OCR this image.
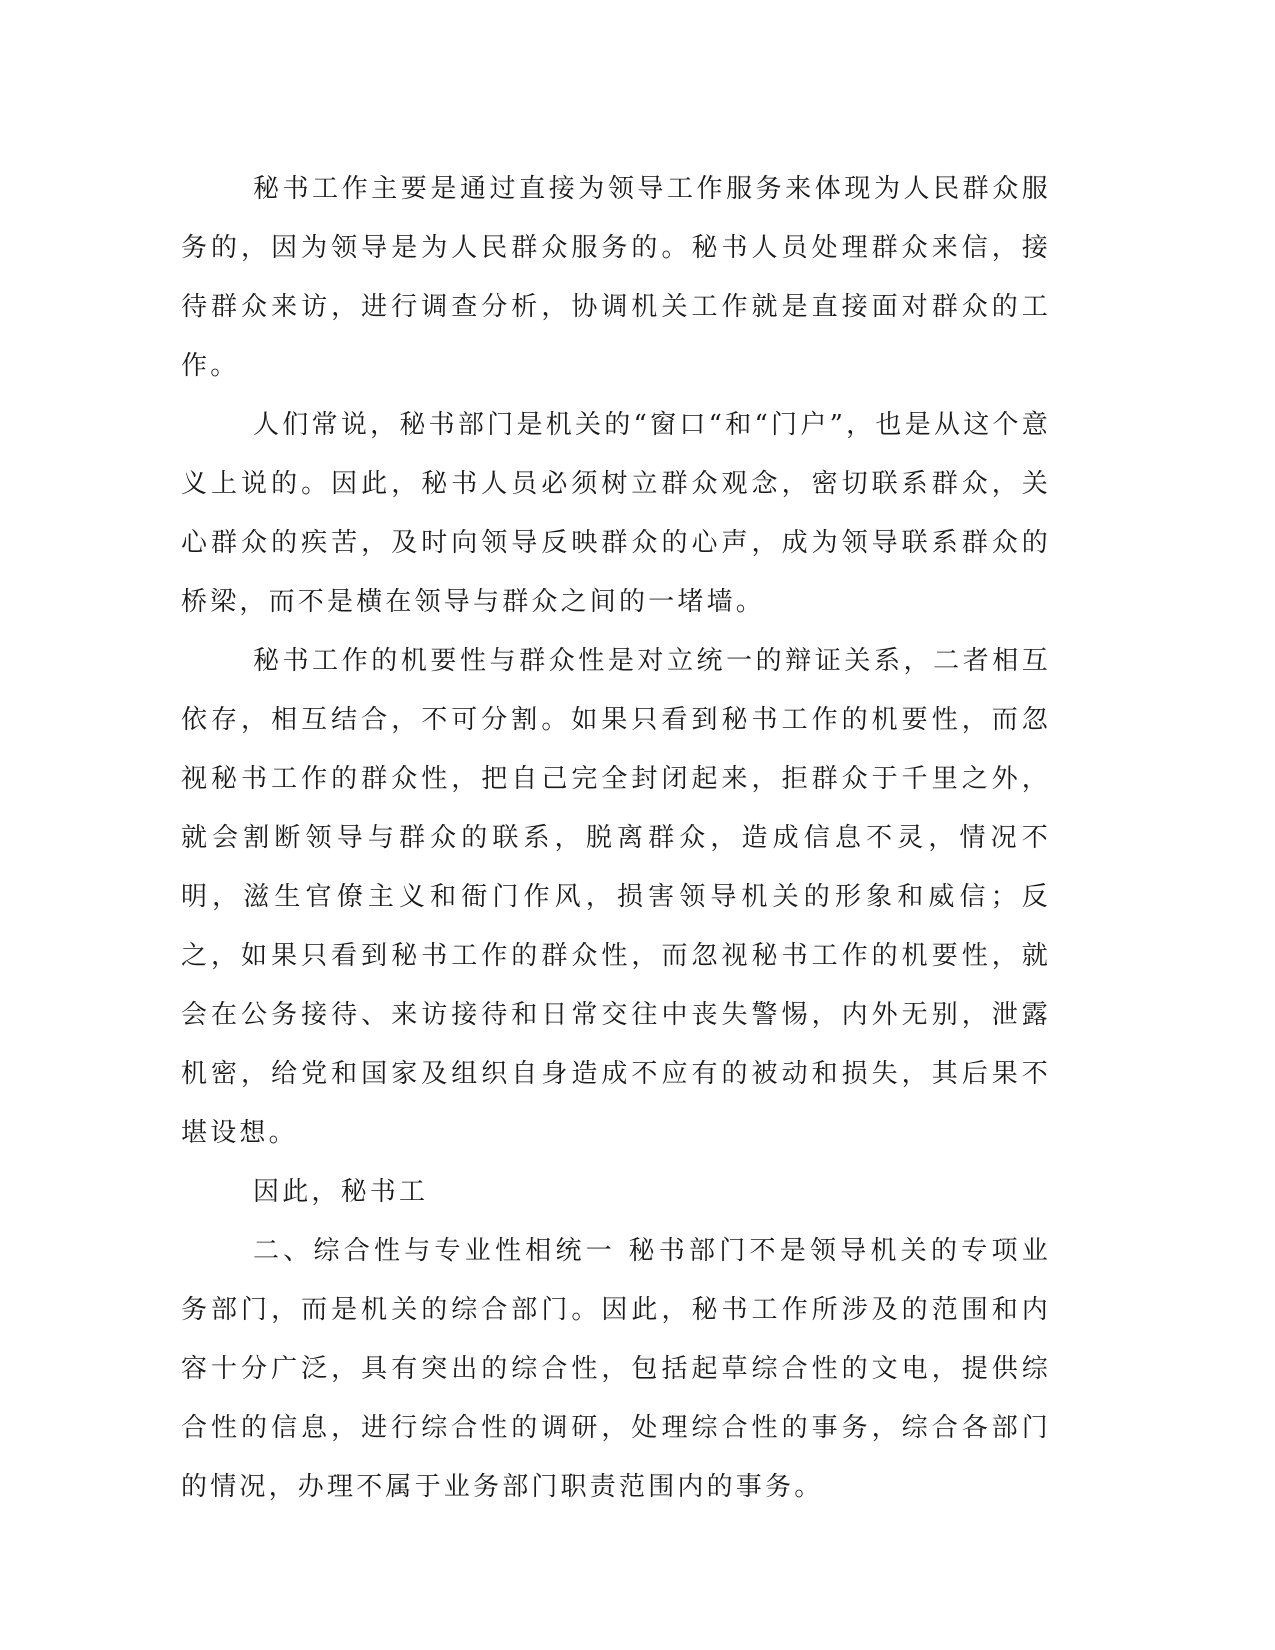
秘书工作主要是通过直接为领导工作服务来体现为人民群众服务的，因为领导是为人民群众服务的。秘书人员处理群众来信，接待群众来访，进行调查分析，协调机关工作就是直接面对群众的工作。

人们常说，秘书部门是机关的“窗口“和“门户”，也是从这个意义上说的。因此，秘书人员必须树立群众观念，密切联系群众，关心群众的疾苦，及时向领导反映群众的心声，成为领导联系群众的桥梁，而不是横在领导与群众之间的一堵墙。

秘书工作的机要性与群众性是对立统一的辩证关系，二者相互依存，相互结合，不可分割。如果只看到秘书工作的机要性，而忽视秘书工作的群众性，把自己完全封闭起来，拒群众于千里之外，就会割断领导与群众的联系，脱离群众，造成信息不灵，情况不明，滋生官僚主义和衙门作风，损害领导机关的形象和威信；反之，如果只看到秘书工作的群众性，而忽视秘书工作的机要性，就会在公务接待、来访接待和日常交往中丧失警惕，内外无别，泄露机密，给党和国家及组织自身造成不应有的被动和损失，其后果不堪设想。

因此，秘书工

二、综合性与专业性相统一 秘书部门不是领导机关的专项业务部门，而是机关的综合部门。因此，秘书工作所涉及的范围和内容十分广泛，具有突出的综合性，包括起草综合性的文电，提供综合性的信息，进行综合性的调研，处理综合性的事务，综合各部门的情况，办理不属于业务部门职责范围内的事务。
